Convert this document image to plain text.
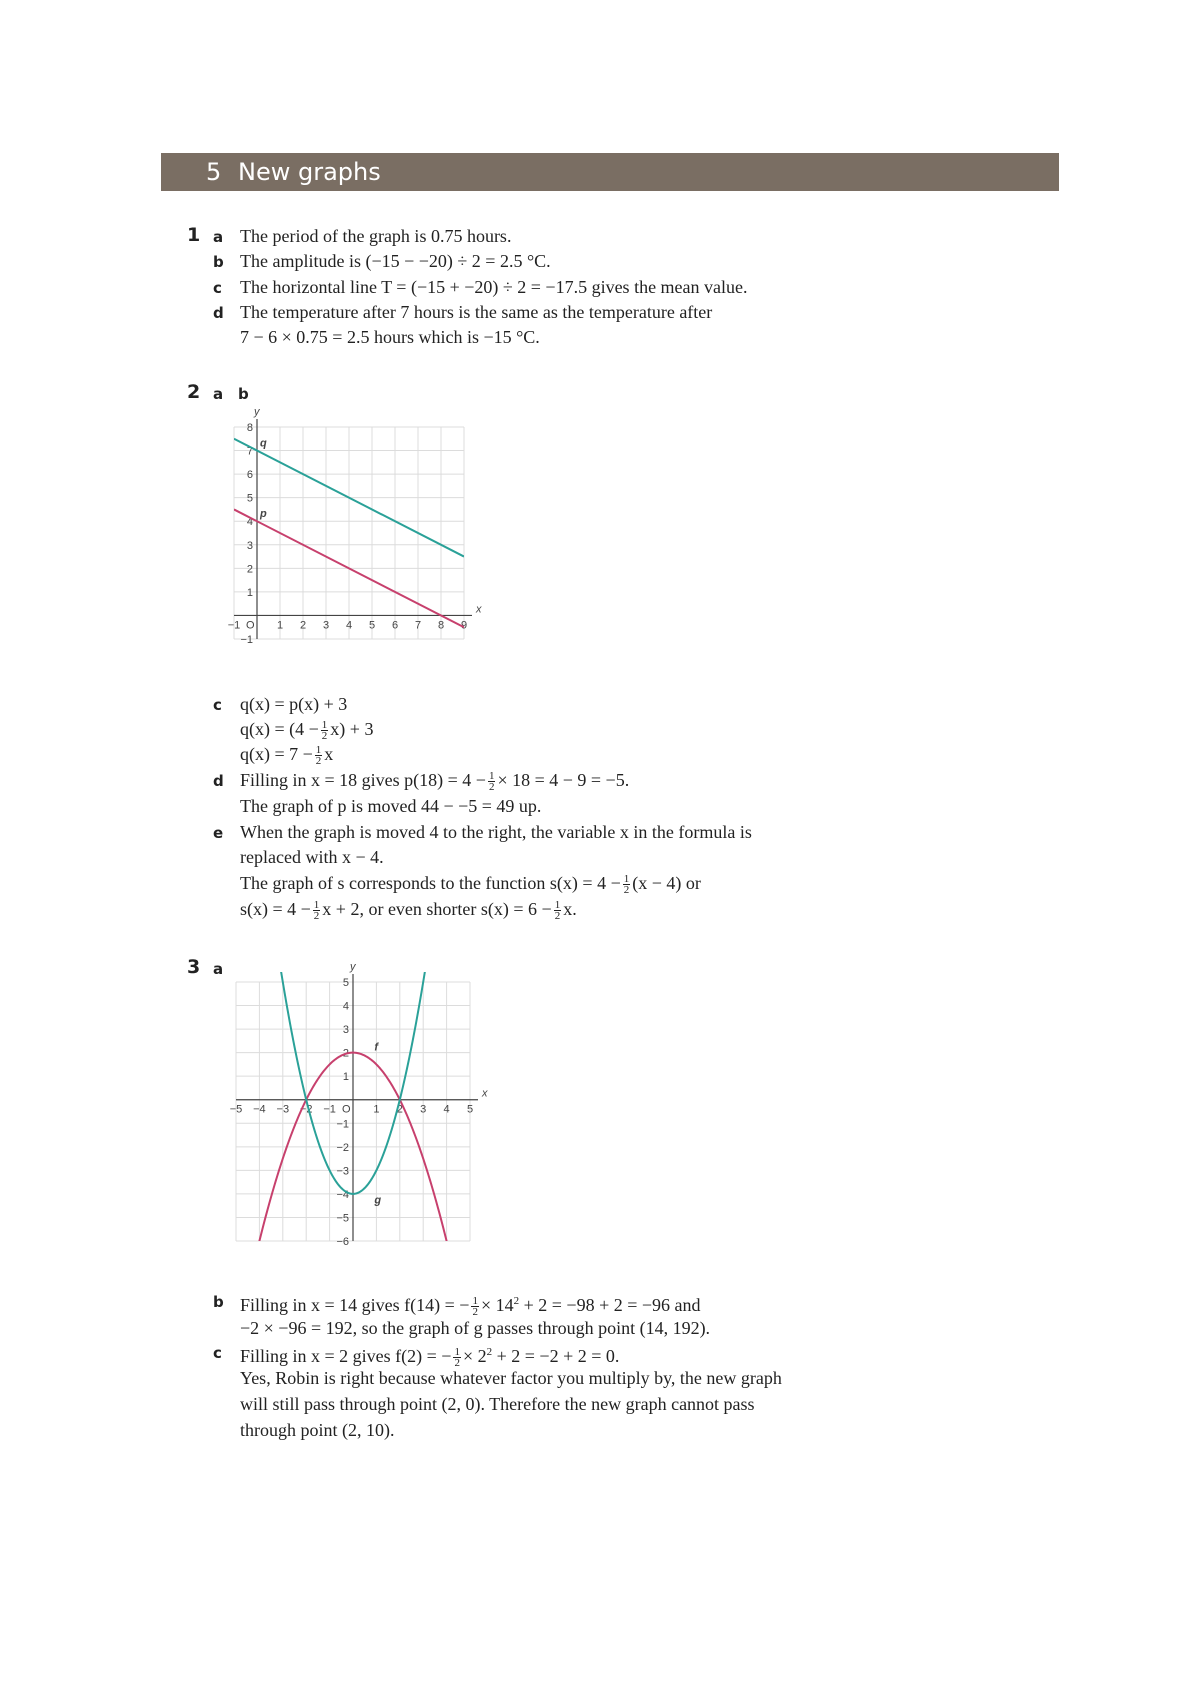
5 New graphs
1 a The period of the graph is 0.75 hours.
b The amplitude is (−15 − −20) ÷ 2 = 2.5 °C.
c The horizontal line T = (−15 + −20) ÷ 2 = −17.5 gives the mean value.
d The temperature after 7 hours is the same as the temperature after
7 − 6 × 0.75 = 2.5 hours which is −15 °C.
2 a b
x
y
O
−1	1 2 3 4 5 6 7 8 9
−1
1
2
3
4
5
6
7
8
q
p
c q(x) = p(x) + 3
$q(x) = (4 - \frac{1}{2} x) + 3$
$q(x) = 7 - \frac{1}{2}$ x
d Filling in x = 18 gives $p(18) = 4 - \frac{1}{2} \times 18 = 4 - 9 = -5$.
The graph of p is moved 44 − −5 = 49 up.
e When the graph is moved 4 to the right, the variable x in the formula is
replaced with x − 4.
The graph of s corresponds to the function $s(x) = 4 - \frac{1}{2} (x - 4)$ or
$s(x) = 4 - \frac{1}{2}$ x + 2, or even shorter $s(x) = 6 - \frac{1}{2} x$.
3 a
x
y
O
−5 −4 −3 −2 −1	1 2 3 4 5
−6
−5
−4
−3
−2
−1
1
2
3
4
5
f
g
b Filling in x = 14 gives f(14) = − $\frac{1}{2} \times 14^2 + 2 = -98 + 2 = -96$ and
−2 × −96 = 192, so the graph of g passes through point (14, 192).
c Filling in x = 2 gives f(2) = − $\frac{1}{2} \times 2^2 + 2 = -2 + 2 = 0$.
Yes, Robin is right because whatever factor you multiply by, the new graph
will still pass through point (2, 0). Therefore the new graph cannot pass
through point (2, 10).
